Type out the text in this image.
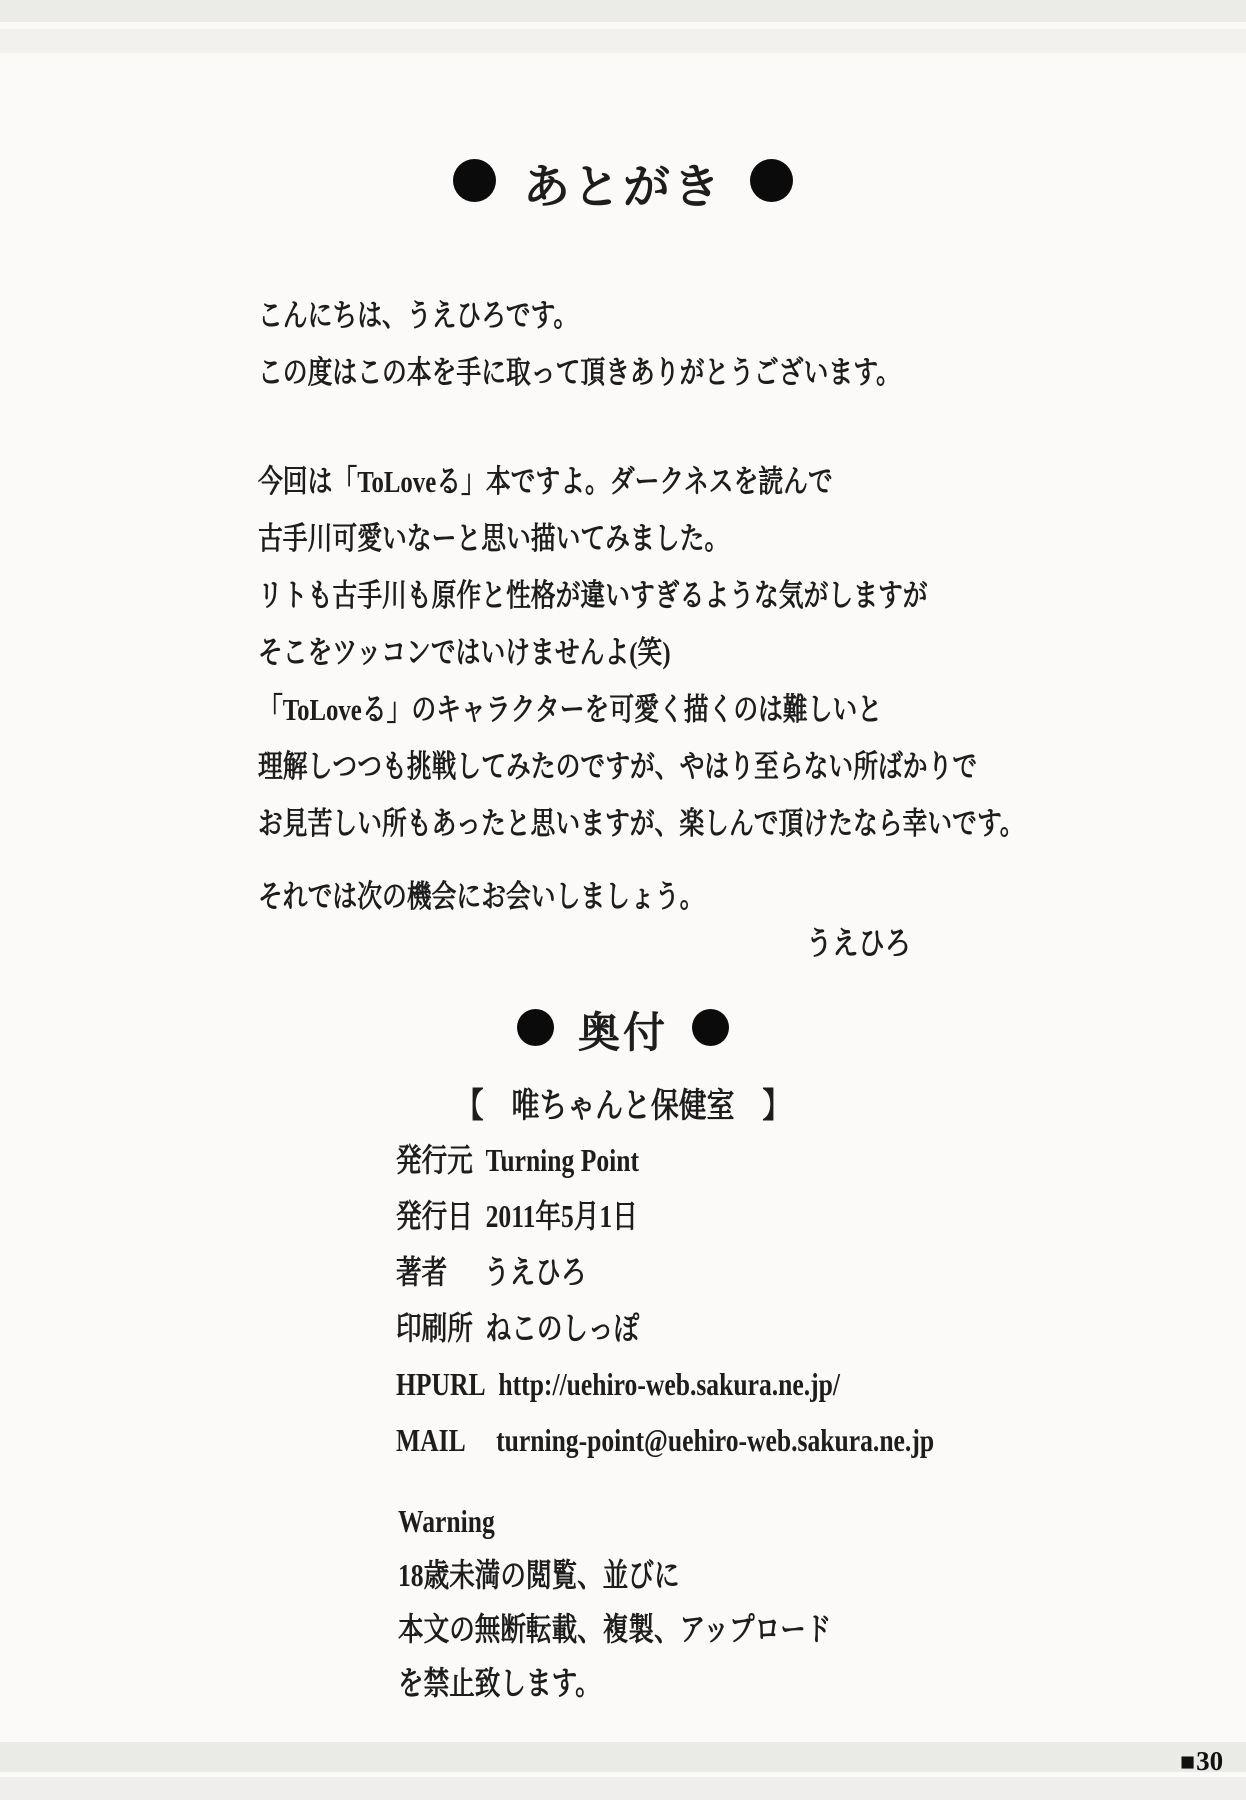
あとがき
こんにちは、うえひろです。
この度はこの本を手に取って頂きありがとうございます。
今回は「ToLoveる」本ですよ。ダークネスを読んで
古手川可愛いなーと思い描いてみました。
リトも古手川も原作と性格が違いすぎるような気がしますが
そこをツッコンではいけませんよ(笑)
「ToLoveる」のキャラクターを可愛く描くのは難しいと
理解しつつも挑戦してみたのですが、やはり至らない所ばかりで
お見苦しい所もあったと思いますが、楽しんで頂けたなら幸いです。
それでは次の機会にお会いしましょう。
うえひろ
奥付
【　唯ちゃんと保健室　】
発行元 Turning Point
発行日 2011年5月1日
著者 うえひろ
印刷所 ねこのしっぽ
HPURL http://uehiro-web.sakura.ne.jp/
MAIL turning-point@uehiro-web.sakura.ne.jp
Warning
18歳未満の閲覧、並びに
本文の無断転載、複製、アップロード
を禁止致します。
■30
